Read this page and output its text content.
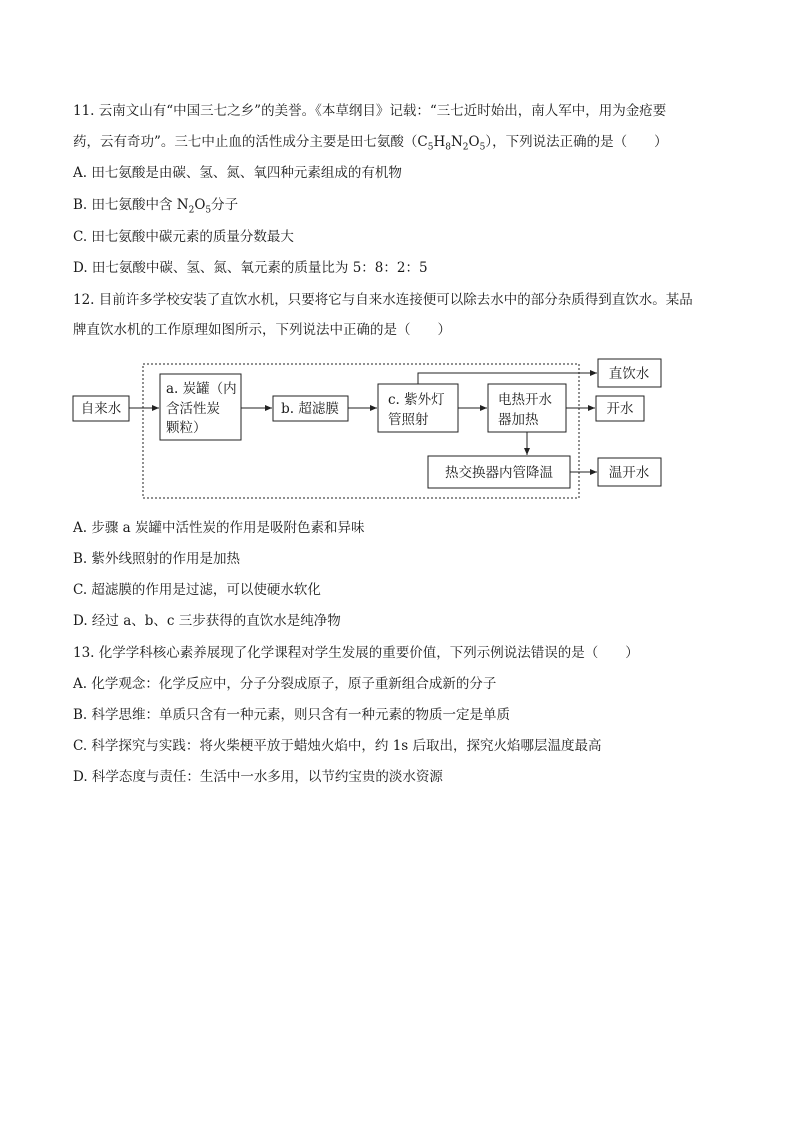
11. 云南文山有“中国三七之乡”的美誉。《本草纲目》记载：“三七近时始出，南人军中，用为金疮要
药，云有奇功”。三七中止血的活性成分主要是田七氨酸$(C_5H_8N_2O_5)$，下列说法正确的是（　　）
A. 田七氨酸是由碳、氢、氮、氧四种元素组成的有机物
B. 田七氨酸中含 $N_2O_5$分子
C. 田七氨酸中碳元素的质量分数最大
D. 田七氨酸中碳、氢、氮、氧元素的质量比为 5：8：2：5
12. 目前许多学校安装了直饮水机，只要将它与自来水连接便可以除去水中的部分杂质得到直饮水。某品
牌直饮水机的工作原理如图所示，下列说法中正确的是（　　）
自来水
a. 炭罐（内
含活性炭
颗粒）
b. 超滤膜
c. 紫外灯
管照射
电热开水
器加热
热交换器内管降温
直饮水
开水
温开水
A. 步骤 a 炭罐中活性炭的作用是吸附色素和异味
B. 紫外线照射的作用是加热
C. 超滤膜的作用是过滤，可以使硬水软化
D. 经过 a、b、c 三步获得的直饮水是纯净物
13. 化学学科核心素养展现了化学课程对学生发展的重要价值，下列示例说法错误的是（　　）
A. 化学观念：化学反应中，分子分裂成原子，原子重新组合成新的分子
B. 科学思维：单质只含有一种元素，则只含有一种元素的物质一定是单质
C. 科学探究与实践：将火柴梗平放于蜡烛火焰中，约 1s 后取出，探究火焰哪层温度最高
D. 科学态度与责任：生活中一水多用，以节约宝贵的淡水资源
